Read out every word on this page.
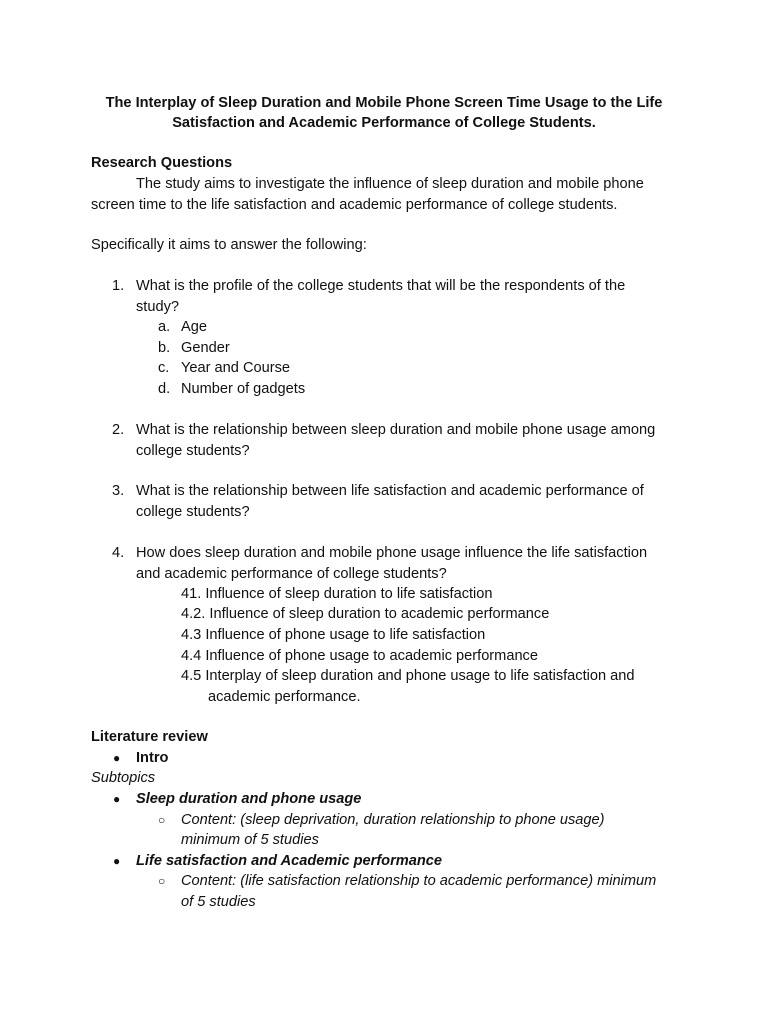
The Interplay of Sleep Duration and Mobile Phone Screen Time Usage to the Life
Satisfaction and Academic Performance of College Students.
Research Questions
The study aims to investigate the influence of sleep duration and mobile phone
screen time to the life satisfaction and academic performance of college students.
Specifically it aims to answer the following:
1. What is the profile of the college students that will be the respondents of the
study?
a. Age
b. Gender
c. Year and Course
d. Number of gadgets
2. What is the relationship between sleep duration and mobile phone usage among
college students?
3. What is the relationship between life satisfaction and academic performance of
college students?
4. How does sleep duration and mobile phone usage influence the life satisfaction
and academic performance of college students?
41. Influence of sleep duration to life satisfaction
4.2. Influence of sleep duration to academic performance
4.3 Influence of phone usage to life satisfaction
4.4 Influence of phone usage to academic performance
4.5 Interplay of sleep duration and phone usage to life satisfaction and
academic performance.
Literature review
● Intro
Subtopics
● Sleep duration and phone usage
○ Content: (sleep deprivation, duration relationship to phone usage)
minimum of 5 studies
● Life satisfaction and Academic performance
○ Content: (life satisfaction relationship to academic performance) minimum
of 5 studies
